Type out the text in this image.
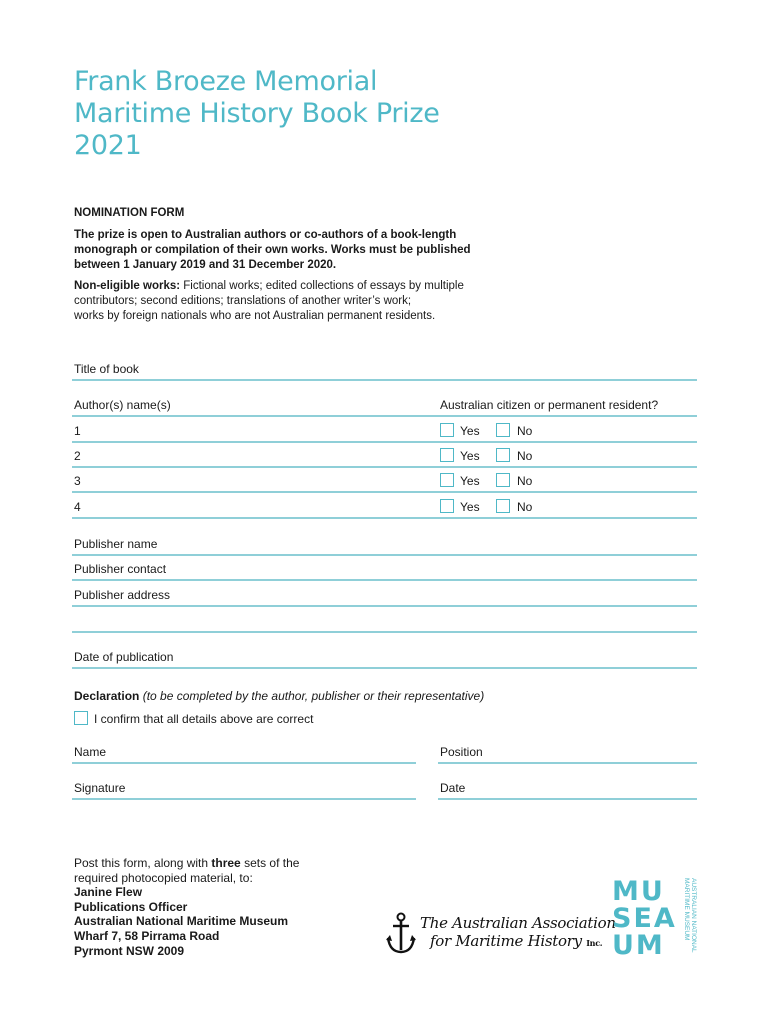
Frank Broeze Memorial
Maritime History Book Prize
2021
NOMINATION FORM
The prize is open to Australian authors or co-authors of a book-length
monograph or compilation of their own works. Works must be published
between 1 January 2019 and 31 December 2020.
Non-eligible works: Fictional works; edited collections of essays by multiple
contributors; second editions; translations of another writer’s work;
works by foreign nationals who are not Australian permanent residents.
Title of book
Author(s) name(s)	Australian citizen or permanent resident?
1	Yes	No
2	Yes	No
3	Yes	No
4	Yes	No
Publisher name
Publisher contact
Publisher address
Date of publication
Declaration (to be completed by the author, publisher or their representative)
I confirm that all details above are correct
Name	Position
Signature	Date
Post this form, along with three sets of the
required photocopied material, to:
Janine Flew
Publications Officer
Australian National Maritime Museum
Wharf 7, 58 Pirrama Road
Pyrmont NSW 2009
The Australian Association
for Maritime History Inc.
MU
SEA
UM	AUSTRALIAN NATIONAL
MARITIME MUSEUM
